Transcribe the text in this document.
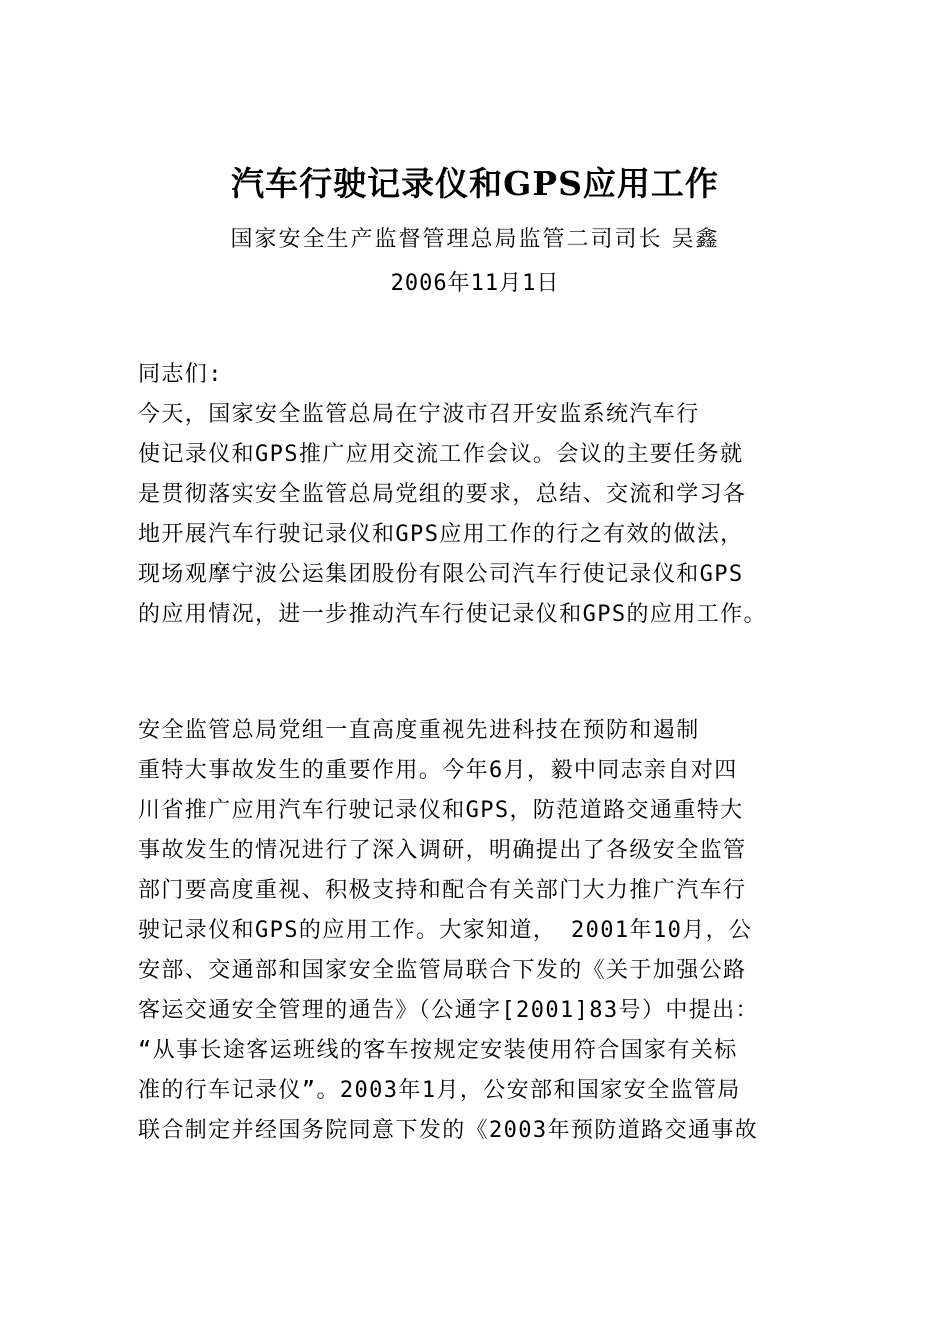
汽车行驶记录仪和GPS应用工作
国家安全生产监督管理总局监管二司司长 吴鑫
2006年11月1日
同志们:
今天，国家安全监管总局在宁波市召开安监系统汽车行
使记录仪和GPS推广应用交流工作会议。会议的主要任务就
是贯彻落实安全监管总局党组的要求，总结、交流和学习各
地开展汽车行驶记录仪和GPS应用工作的行之有效的做法，
现场观摩宁波公运集团股份有限公司汽车行使记录仪和GPS
的应用情况，进一步推动汽车行使记录仪和GPS的应用工作。
安全监管总局党组一直高度重视先进科技在预防和遏制
重特大事故发生的重要作用。今年6月，毅中同志亲自对四
川省推广应用汽车行驶记录仪和GPS，防范道路交通重特大
事故发生的情况进行了深入调研，明确提出了各级安全监管
部门要高度重视、积极支持和配合有关部门大力推广汽车行
驶记录仪和GPS的应用工作。大家知道， 2001年10月，公
安部、交通部和国家安全监管局联合下发的《关于加强公路
客运交通安全管理的通告》（公通字[2001]83号）中提出：
“从事长途客运班线的客车按规定安装使用符合国家有关标
准的行车记录仪”。2003年1月，公安部和国家安全监管局
联合制定并经国务院同意下发的《2003年预防道路交通事故
